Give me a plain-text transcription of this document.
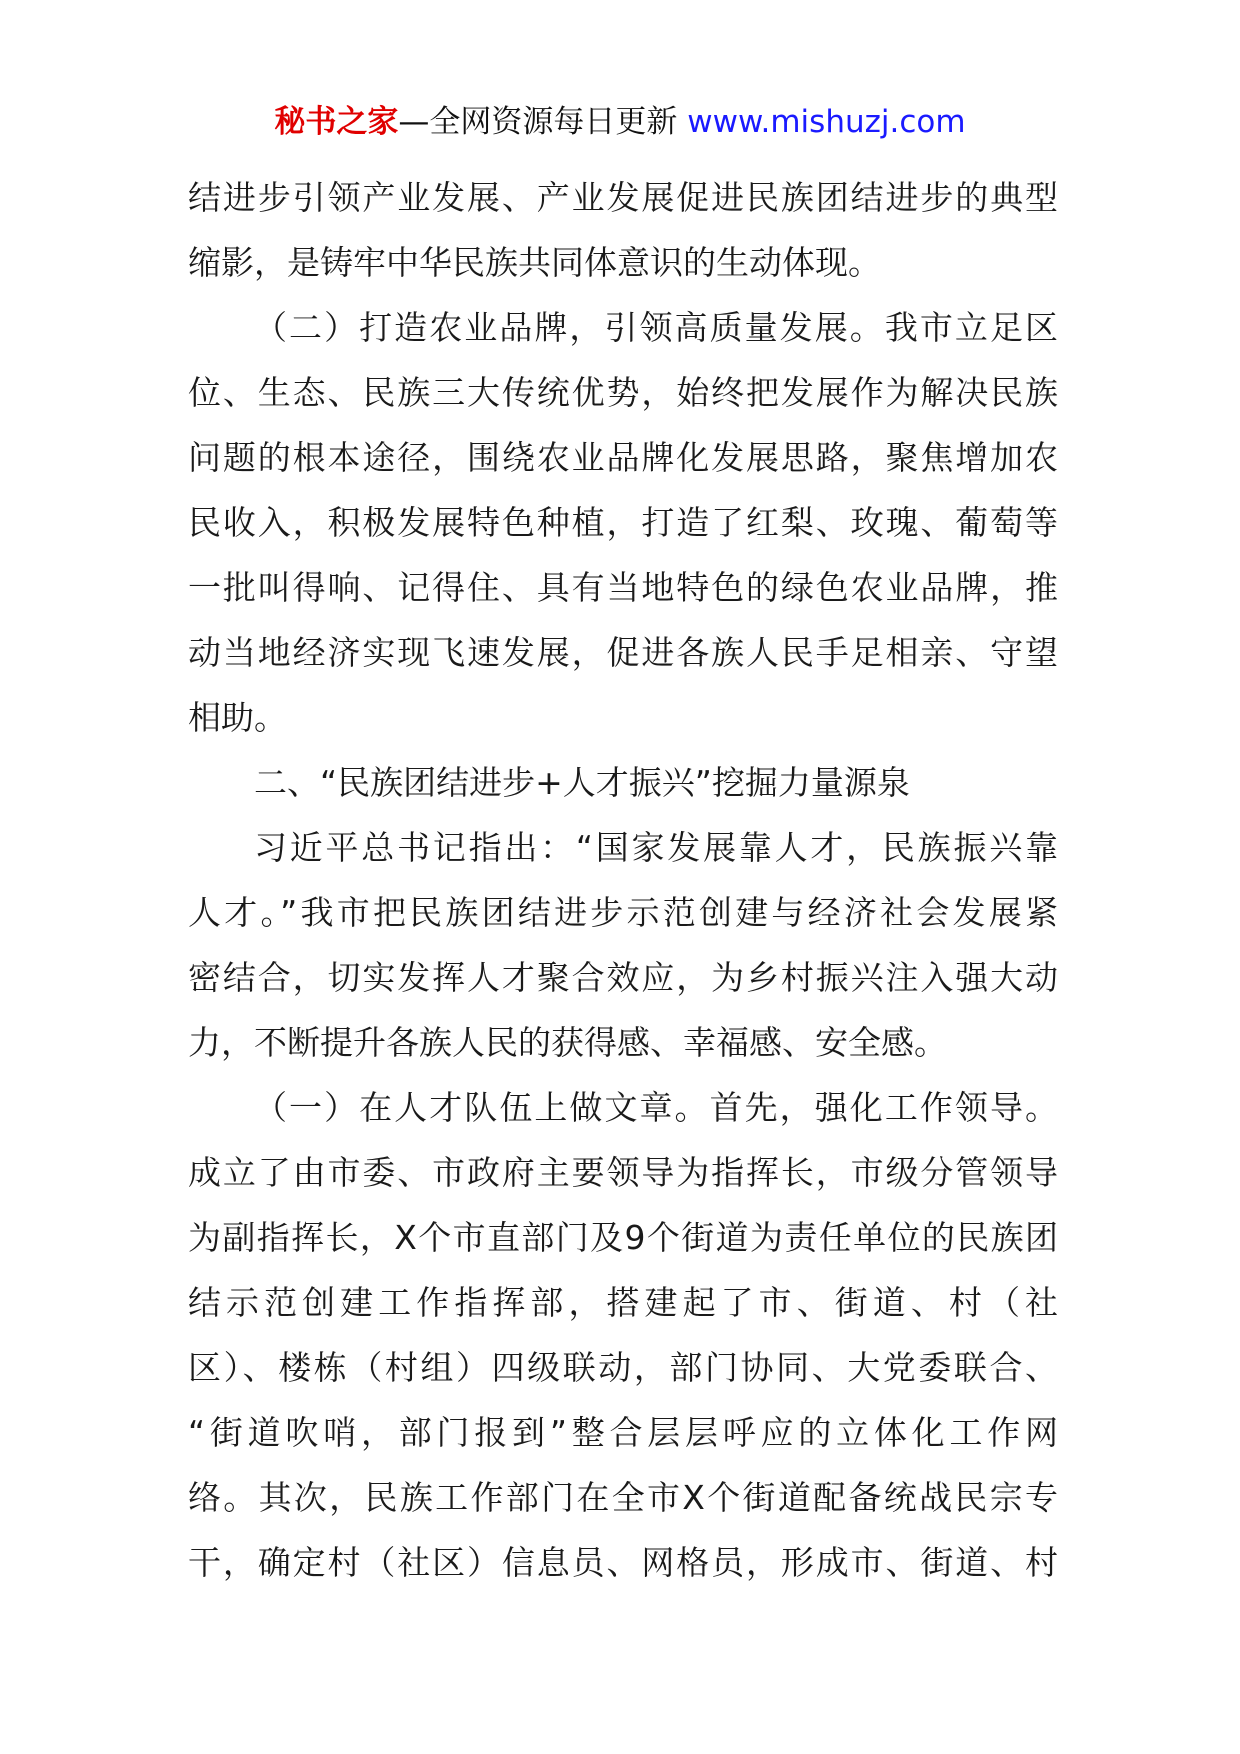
秘书之家—全网资源每日更新 www.mishuzj.com
结进步引领产业发展、产业发展促进民族团结进步的典型
缩影，是铸牢中华民族共同体意识的生动体现。
（二）打造农业品牌，引领高质量发展。我市立足区
位、生态、民族三大传统优势，始终把发展作为解决民族
问题的根本途径，围绕农业品牌化发展思路，聚焦增加农
民收入，积极发展特色种植，打造了红梨、玫瑰、葡萄等
一批叫得响、记得住、具有当地特色的绿色农业品牌，推
动当地经济实现飞速发展，促进各族人民手足相亲、守望
相助。
二、“民族团结进步+人才振兴”挖掘力量源泉
习近平总书记指出：“国家发展靠人才，民族振兴靠
人才。”我市把民族团结进步示范创建与经济社会发展紧
密结合，切实发挥人才聚合效应，为乡村振兴注入强大动
力，不断提升各族人民的获得感、幸福感、安全感。
（一）在人才队伍上做文章。首先，强化工作领导。
成立了由市委、市政府主要领导为指挥长，市级分管领导
为副指挥长，X个市直部门及9个街道为责任单位的民族团
结示范创建工作指挥部，搭建起了市、街道、村（社
区）、楼栋（村组）四级联动，部门协同、大党委联合、
“街道吹哨，部门报到”整合层层呼应的立体化工作网
络。其次，民族工作部门在全市X个街道配备统战民宗专
干，确定村（社区）信息员、网格员，形成市、街道、村
